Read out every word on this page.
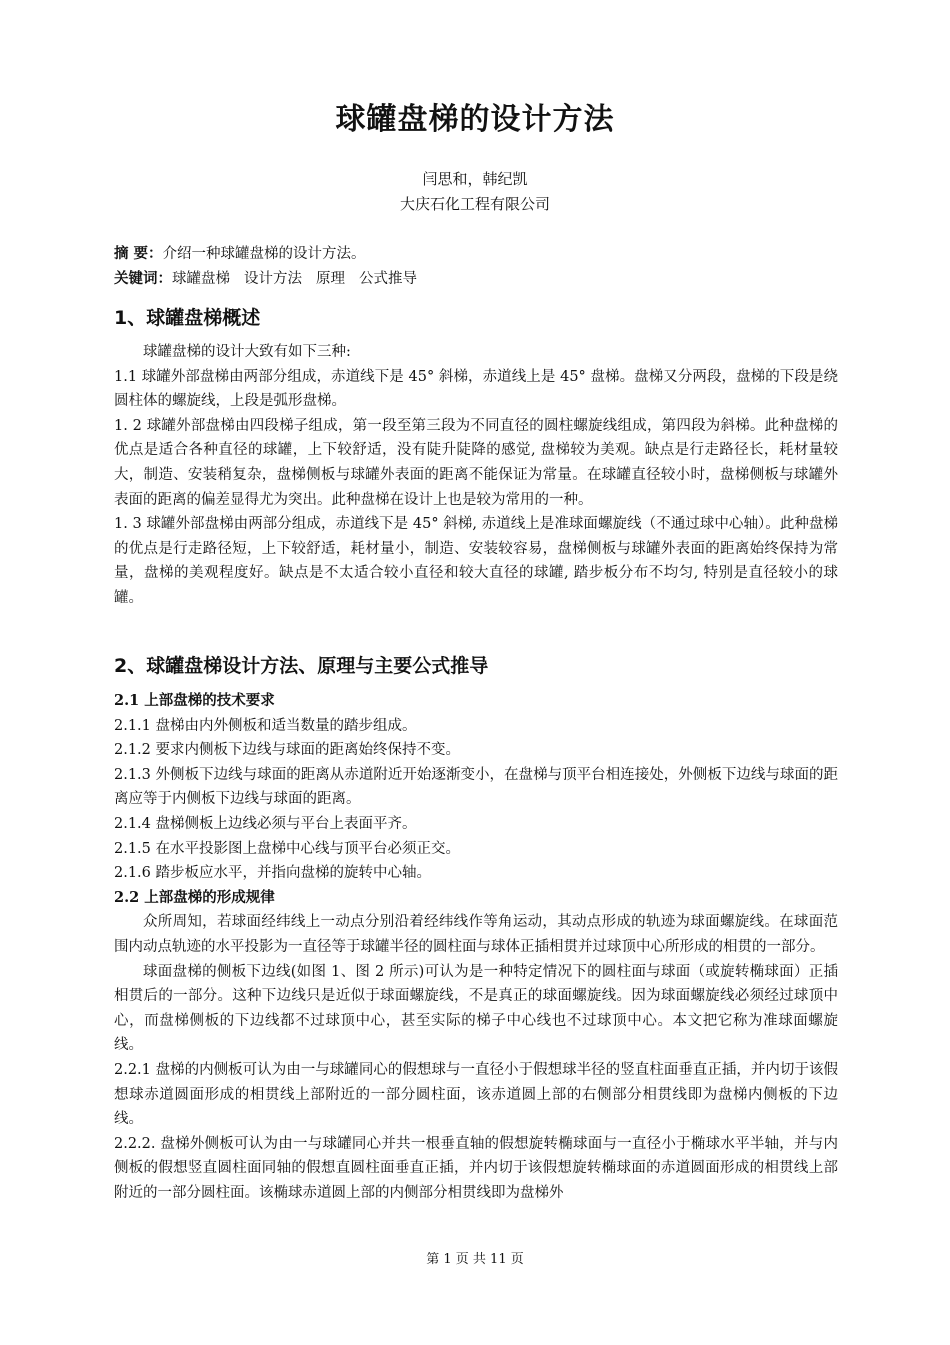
球罐盘梯的设计方法

闫思和，韩纪凯

大庆石化工程有限公司

摘 要：介绍一种球罐盘梯的设计方法。

关键词：球罐盘梯 设计方法 原理 公式推导

1、球罐盘梯概述

球罐盘梯的设计大致有如下三种:

1.1 球罐外部盘梯由两部分组成，赤道线下是 45° 斜梯，赤道线上是 45° 盘梯。盘梯又分两段，盘梯的下段是绕圆柱体的螺旋线，上段是弧形盘梯。

1. 2 球罐外部盘梯由四段梯子组成，第一段至第三段为不同直径的圆柱螺旋线组成，第四段为斜梯。此种盘梯的优点是适合各种直径的球罐，上下较舒适，没有陡升陡降的感觉, 盘梯较为美观。缺点是行走路径长，耗材量较大，制造、安装稍复杂，盘梯侧板与球罐外表面的距离不能保证为常量。在球罐直径较小时，盘梯侧板与球罐外表面的距离的偏差显得尤为突出。此种盘梯在设计上也是较为常用的一种。

1. 3 球罐外部盘梯由两部分组成，赤道线下是 45° 斜梯, 赤道线上是准球面螺旋线（不通过球中心轴）。此种盘梯的优点是行走路径短，上下较舒适，耗材量小，制造、安装较容易，盘梯侧板与球罐外表面的距离始终保持为常量，盘梯的美观程度好。缺点是不太适合较小直径和较大直径的球罐, 踏步板分布不均匀, 特别是直径较小的球罐。

2、球罐盘梯设计方法、原理与主要公式推导

2.1 上部盘梯的技术要求

2.1.1 盘梯由内外侧板和适当数量的踏步组成。

2.1.2 要求内侧板下边线与球面的距离始终保持不变。

2.1.3 外侧板下边线与球面的距离从赤道附近开始逐渐变小，在盘梯与顶平台相连接处，外侧板下边线与球面的距离应等于内侧板下边线与球面的距离。

2.1.4 盘梯侧板上边线必须与平台上表面平齐。

2.1.5 在水平投影图上盘梯中心线与顶平台必须正交。

2.1.6 踏步板应水平，并指向盘梯的旋转中心轴。

2.2 上部盘梯的形成规律

众所周知，若球面经纬线上一动点分别沿着经纬线作等角运动，其动点形成的轨迹为球面螺旋线。在球面范围内动点轨迹的水平投影为一直径等于球罐半径的圆柱面与球体正插相贯并过球顶中心所形成的相贯的一部分。

球面盘梯的侧板下边线(如图 1、图 2 所示)可认为是一种特定情况下的圆柱面与球面（或旋转椭球面）正插相贯后的一部分。这种下边线只是近似于球面螺旋线，不是真正的球面螺旋线。因为球面螺旋线必须经过球顶中心，而盘梯侧板的下边线都不过球顶中心，甚至实际的梯子中心线也不过球顶中心。本文把它称为准球面螺旋线。

2.2.1 盘梯的内侧板可认为由一与球罐同心的假想球与一直径小于假想球半径的竖直柱面垂直正插，并内切于该假想球赤道圆面形成的相贯线上部附近的一部分圆柱面，该赤道圆上部的右侧部分相贯线即为盘梯内侧板的下边线。

2.2.2. 盘梯外侧板可认为由一与球罐同心并共一根垂直轴的假想旋转椭球面与一直径小于椭球水平半轴，并与内侧板的假想竖直圆柱面同轴的假想直圆柱面垂直正插，并内切于该假想旋转椭球面的赤道圆面形成的相贯线上部附近的一部分圆柱面。该椭球赤道圆上部的内侧部分相贯线即为盘梯外

第 1 页 共 11 页
